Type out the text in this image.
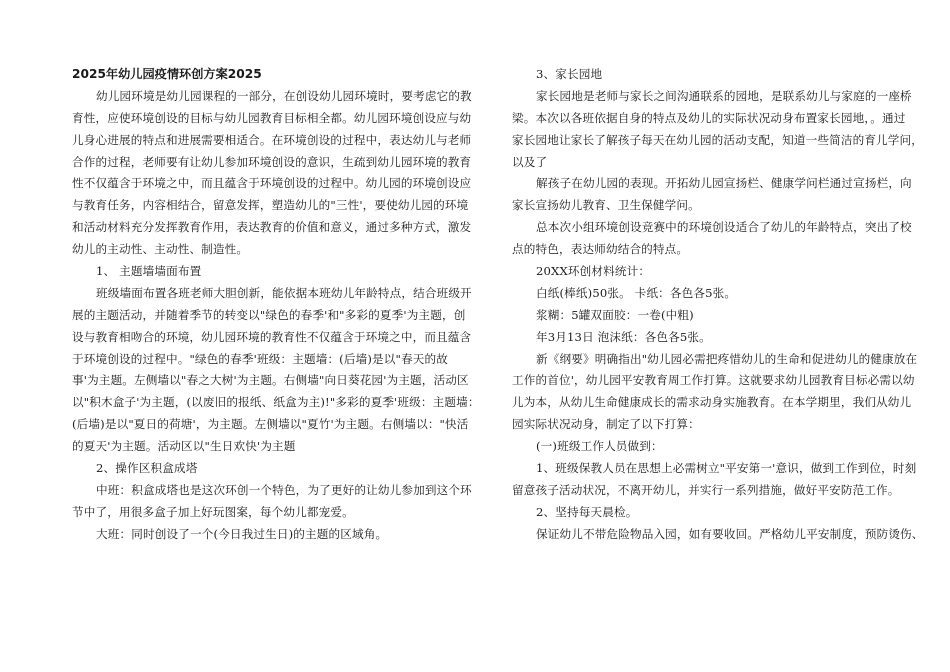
2025年幼儿园疫情环创方案2025
幼儿园环境是幼儿园课程的一部分，在创设幼儿园环境时，要考虑它的教
育性，应使环境创设的目标与幼儿园教育目标相全都。幼儿园环境创设应与幼
儿身心进展的特点和进展需要相适合。在环境创设的过程中，表达幼儿与老师
合作的过程，老师要有让幼儿参加环境创设的意识，生疏到幼儿园环境的教育
性不仅蕴含于环境之中，而且蕴含于环境创设的过程中。幼儿园的环境创设应
与教育任务，内容相结合，留意发挥，塑造幼儿的"三性'，要使幼儿园的环境
和活动材料充分发挥教育作用，表达教育的价值和意义，通过多种方式，激发
幼儿的主动性、主动性、制造性。
1、 主题墙墙面布置
班级墙面布置各班老师大胆创新，能依据本班幼儿年龄特点，结合班级开
展的主题活动，并随着季节的转变以"绿色的春季'和"多彩的夏季'为主题，创
设与教育相吻合的环境，幼儿园环境的教育性不仅蕴含于环境之中，而且蕴含
于环境创设的过程中。"绿色的春季'班级：主题墙：(后墙)是以"春天的故
事'为主题。左侧墙以"春之大树'为主题。右侧墙"向日葵花园'为主题，活动区
以"积木盒子'为主题，(以废旧的报纸、纸盒为主)!"多彩的夏季'班级：主题墙：
(后墙)是以"夏日的荷塘'，为主题。左侧墙以"夏竹'为主题。右侧墙以："快活
的夏天'为主题。活动区以"生日欢快'为主题
2、操作区积盒成塔
中班：积盒成塔也是这次环创一个特色，为了更好的让幼儿参加到这个环
节中了，用很多盒子加上好玩图案，每个幼儿都宠爱。
大班：同时创设了一个(今日我过生日)的主题的区域角。
3、家长园地
家长园地是老师与家长之间沟通联系的园地，是联系幼儿与家庭的一座桥
梁。本次以各班依据自身的特点及幼儿的实际状况动身布置家长园地，。通过
家长园地让家长了解孩子每天在幼儿园的活动支配，知道一些简洁的育儿学问，
以及了
解孩子在幼儿园的表现。开拓幼儿园宣扬栏、健康学问栏通过宣扬栏，向
家长宣扬幼儿教育、卫生保健学问。
总本次小组环境创设竞赛中的环境创设适合了幼儿的年龄特点，突出了校
点的特色，表达师幼结合的特点。
20XX环创材料统计：
白纸(棒纸)50张。 卡纸：各色各5张。
浆糊：5罐双面胶：一卷(中粗)
年3月13日 泡沫纸：各色各5张。
新《纲要》明确指出"幼儿园必需把疼惜幼儿的生命和促进幼儿的健康放在
工作的首位'，幼儿园平安教育周工作打算。这就要求幼儿园教育目标必需以幼
儿为本，从幼儿生命健康成长的需求动身实施教育。在本学期里，我们从幼儿
园实际状况动身，制定了以下打算：
(一)班级工作人员做到：
1、班级保教人员在思想上必需树立"平安第一'意识，做到工作到位，时刻
留意孩子活动状况，不离开幼儿，并实行一系列措施，做好平安防范工作。
2、坚持每天晨检。
保证幼儿不带危险物品入园，如有要收回。严格幼儿平安制度，预防烫伤、
